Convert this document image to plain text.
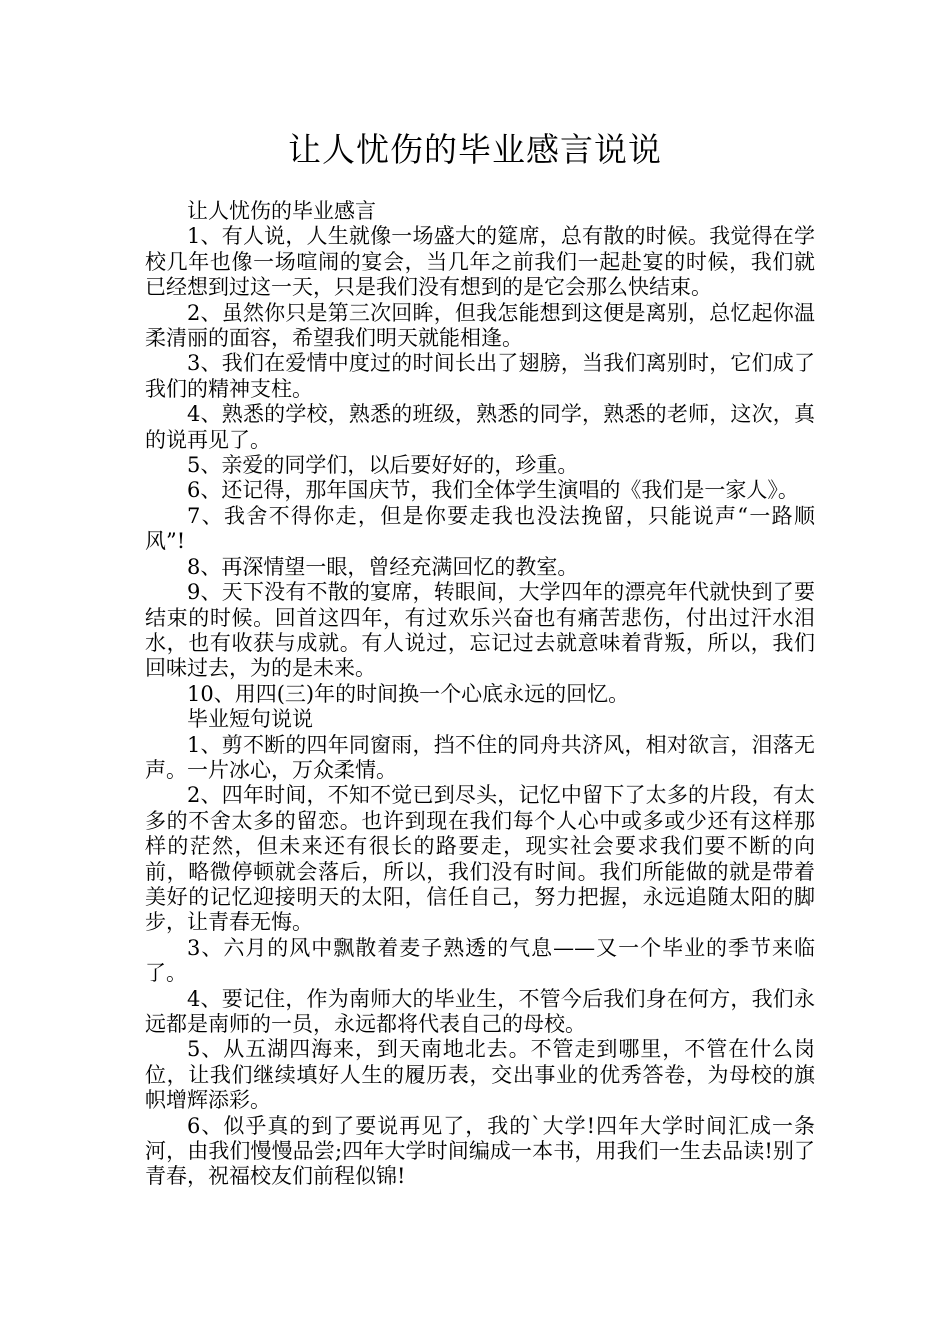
让人忧伤的毕业感言说说

让人忧伤的毕业感言

1、有人说，人生就像一场盛大的筵席，总有散的时候。我觉得在学校几年也像一场喧闹的宴会，当几年之前我们一起赴宴的时候，我们就已经想到过这一天，只是我们没有想到的是它会那么快结束。

2、虽然你只是第三次回眸，但我怎能想到这便是离别，总忆起你温柔清丽的面容，希望我们明天就能相逢。

3、我们在爱情中度过的时间长出了翅膀，当我们离别时，它们成了我们的精神支柱。

4、熟悉的学校，熟悉的班级，熟悉的同学，熟悉的老师，这次，真的说再见了。

5、亲爱的同学们，以后要好好的，珍重。

6、还记得，那年国庆节，我们全体学生演唱的《我们是一家人》。

7、我舍不得你走，但是你要走我也没法挽留，只能说声“一路顺风”!

8、再深情望一眼，曾经充满回忆的教室。

9、天下没有不散的宴席，转眼间，大学四年的漂亮年代就快到了要结束的时候。回首这四年，有过欢乐兴奋也有痛苦悲伤，付出过汗水泪水，也有收获与成就。有人说过，忘记过去就意味着背叛，所以，我们回味过去，为的是未来。

10、用四(三)年的时间换一个心底永远的回忆。

毕业短句说说

1、剪不断的四年同窗雨，挡不住的同舟共济风，相对欲言，泪落无声。一片冰心，万众柔情。

2、四年时间，不知不觉已到尽头，记忆中留下了太多的片段，有太多的不舍太多的留恋。也许到现在我们每个人心中或多或少还有这样那样的茫然，但未来还有很长的路要走，现实社会要求我们要不断的向前，略微停顿就会落后，所以，我们没有时间。我们所能做的就是带着美好的记忆迎接明天的太阳，信任自己，努力把握，永远追随太阳的脚步，让青春无悔。

3、六月的风中飘散着麦子熟透的气息——又一个毕业的季节来临了。

4、要记住，作为南师大的毕业生，不管今后我们身在何方，我们永远都是南师的一员，永远都将代表自己的母校。

5、从五湖四海来，到天南地北去。不管走到哪里，不管在什么岗位，让我们继续填好人生的履历表，交出事业的优秀答卷，为母校的旗帜增辉添彩。

6、似乎真的到了要说再见了，我的`大学!四年大学时间汇成一条河，由我们慢慢品尝;四年大学时间编成一本书，用我们一生去品读!别了青春，祝福校友们前程似锦!
